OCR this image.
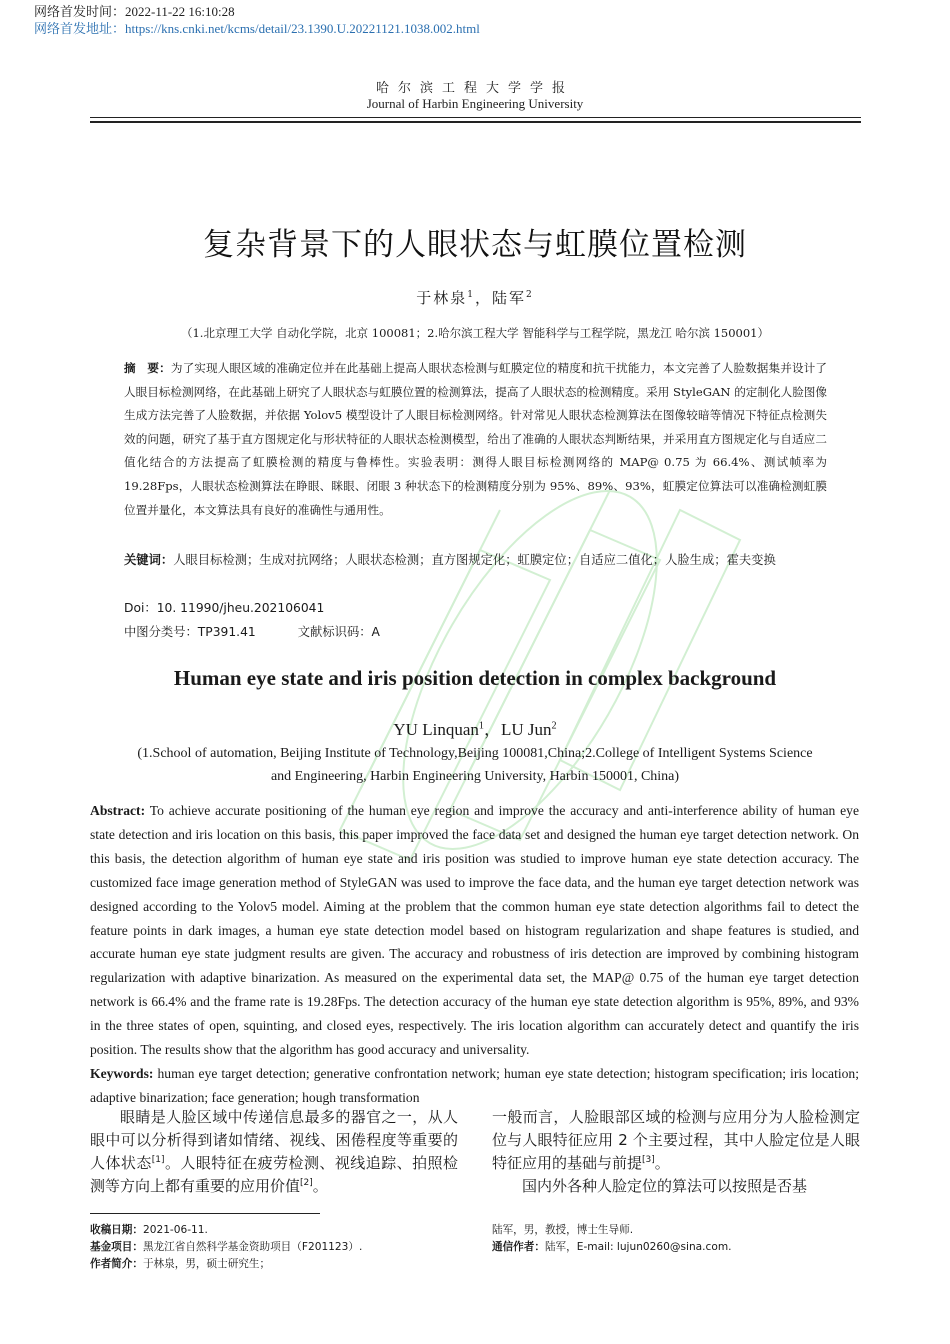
网络首发时间：2022-11-22 16:10:28
网络首发地址：https://kns.cnki.net/kcms/detail/23.1390.U.20221121.1038.002.html
哈尔滨工程大学学报
Journal of Harbin Engineering University
复杂背景下的人眼状态与虹膜位置检测
于林泉$^1$，陆军$^2$
（1.北京理工大学 自动化学院，北京 100081；2.哈尔滨工程大学 智能科学与工程学院，黑龙江 哈尔滨 150001）
摘　要：为了实现人眼区域的准确定位并在此基础上提高人眼状态检测与虹膜定位的精度和抗干扰能力，本文完善了人脸数据集并设计了人眼目标检测网络，在此基础上研究了人眼状态与虹膜位置的检测算法，提高了人眼状态的检测精度。采用 StyleGAN 的定制化人脸图像生成方法完善了人脸数据，并依据 Yolov5 模型设计了人眼目标检测网络。针对常见人眼状态检测算法在图像较暗等情况下特征点检测失效的问题，研究了基于直方图规定化与形状特征的人眼状态检测模型，给出了准确的人眼状态判断结果，并采用直方图规定化与自适应二值化结合的方法提高了虹膜检测的精度与鲁棒性。实验表明：测得人眼目标检测网络的 MAP@ 0.75 为 66.4%、测试帧率为 19.28Fps，人眼状态检测算法在睁眼、眯眼、闭眼 3 种状态下的检测精度分别为 95%、89%、93%，虹膜定位算法可以准确检测虹膜位置并量化，本文算法具有良好的准确性与通用性。
关键词：人眼目标检测；生成对抗网络；人眼状态检测；直方图规定化；虹膜定位；自适应二值化；人脸生成；霍夫变换
Doi：10. 11990/jheu.202106041
中图分类号：TP391.41	文献标识码：A
Human eye state and iris position detection in complex background
YU Linquan$^1$，LU Jun$^2$
(1.School of automation, Beijing Institute of Technology,Beijing 100081,China;2.College of Intelligent Systems Science
and Engineering, Harbin Engineering University, Harbin 150001, China)
Abstract: To achieve accurate positioning of the human eye region and improve the accuracy and anti-interference ability of human eye state detection and iris location on this basis, this paper improved the face data set and designed the human eye target detection network. On this basis, the detection algorithm of human eye state and iris position was studied to improve human eye state detection accuracy. The customized face image generation method of StyleGAN was used to improve the face data, and the human eye target detection network was designed according to the Yolov5 model. Aiming at the problem that the common human eye state detection algorithms fail to detect the feature points in dark images, a human eye state detection model based on histogram regularization and shape features is studied, and accurate human eye state judgment results are given. The accuracy and robustness of iris detection are improved by combining histogram regularization with adaptive binarization. As measured on the experimental data set, the MAP@ 0.75 of the human eye target detection network is 66.4% and the frame rate is 19.28Fps. The detection accuracy of the human eye state detection algorithm is 95%, 89%, and 93% in the three states of open, squinting, and closed eyes, respectively. The iris location algorithm can accurately detect and quantify the iris position. The results show that the algorithm has good accuracy and universality.
Keywords: human eye target detection; generative confrontation network; human eye state detection; histogram specification; iris location; adaptive binarization; face generation; hough transformation

眼睛是人脸区域中传递信息最多的器官之一，从人眼中可以分析得到诸如情绪、视线、困倦程度等重要的人体状态[1]。人眼特征在疲劳检测、视线追踪、拍照检测等方向上都有重要的应用价值[2]。

一般而言，人脸眼部区域的检测与应用分为人脸检测定位与人眼特征应用 2 个主要过程，其中人脸定位是人眼特征应用的基础与前提[3]。

国内外各种人脸定位的算法可以按照是否基

收稿日期：2021-06-11.
基金项目：黑龙江省自然科学基金资助项目（F201123）.
作者简介：于林泉，男，硕士研究生；
陆军，男，教授，博士生导师.
通信作者：陆军，E-mail: lujun0260@sina.com.
